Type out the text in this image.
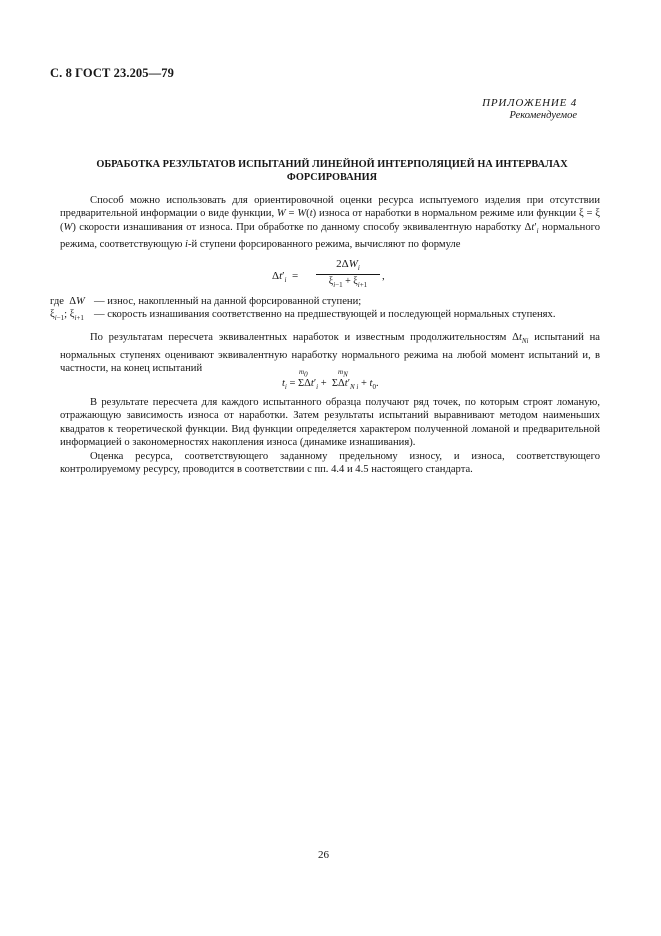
С. 8 ГОСТ 23.205—79
ПРИЛОЖЕНИЕ 4
Рекомендуемое
ОБРАБОТКА РЕЗУЛЬТАТОВ ИСПЫТАНИЙ ЛИНЕЙНОЙ ИНТЕРПОЛЯЦИЕЙ НА ИНТЕРВАЛАХ ФОРСИРОВАНИЯ

Способ можно использовать для ориентировочной оценки ресурса испытуемого изделия при отсутствии предварительной информации о виде функции, W = W(t) износа от наработки в нормальном режиме или функции ξ = ξ (W) скорости изнашивания от износа. При обработке по данному способу эквивалентную наработку $\Delta t'_i$ нормального режима, соответствующую i-й ступени форсированного режима, вычисляют по формуле

$\Delta t'_i$  =
$2\Delta W_i$
$\xi_{i-1} + \xi_{i+1}$
,
где  ΔW — износ, накопленный на данной форсированной ступени;
$\xi_{i-1}$; $\xi_{i+1}$ — скорость изнашивания соответственно на предшествующей и последующей нормальных ступенях.

По результатам пересчета эквивалентных наработок и известным продолжительностям $\Delta t_{Ni}$ испытаний на нормальных ступенях оценивают эквивалентную наработку нормального режима на любой момент испытаний и, в частности, на конец испытаний	$m_0$	$m_N$
$t_i = \Sigma\Delta t'_i + \Sigma\Delta t'_{N i} + t_0$.

В результате пересчета для каждого испытанного образца получают ряд точек, по которым строят ломаную, отражающую зависимость износа от наработки. Затем результаты испытаний выравнивают методом наименьших квадратов к теоретической функции. Вид функции определяется характером полученной ломаной и предварительной информацией о закономерностях накопления износа (динамике изнашивания).

Оценка ресурса, соответствующего заданному предельному износу, и износа, соответствующего контролируемому ресурсу, проводится в соответствии с пп. 4.4 и 4.5 настоящего стандарта.

26
